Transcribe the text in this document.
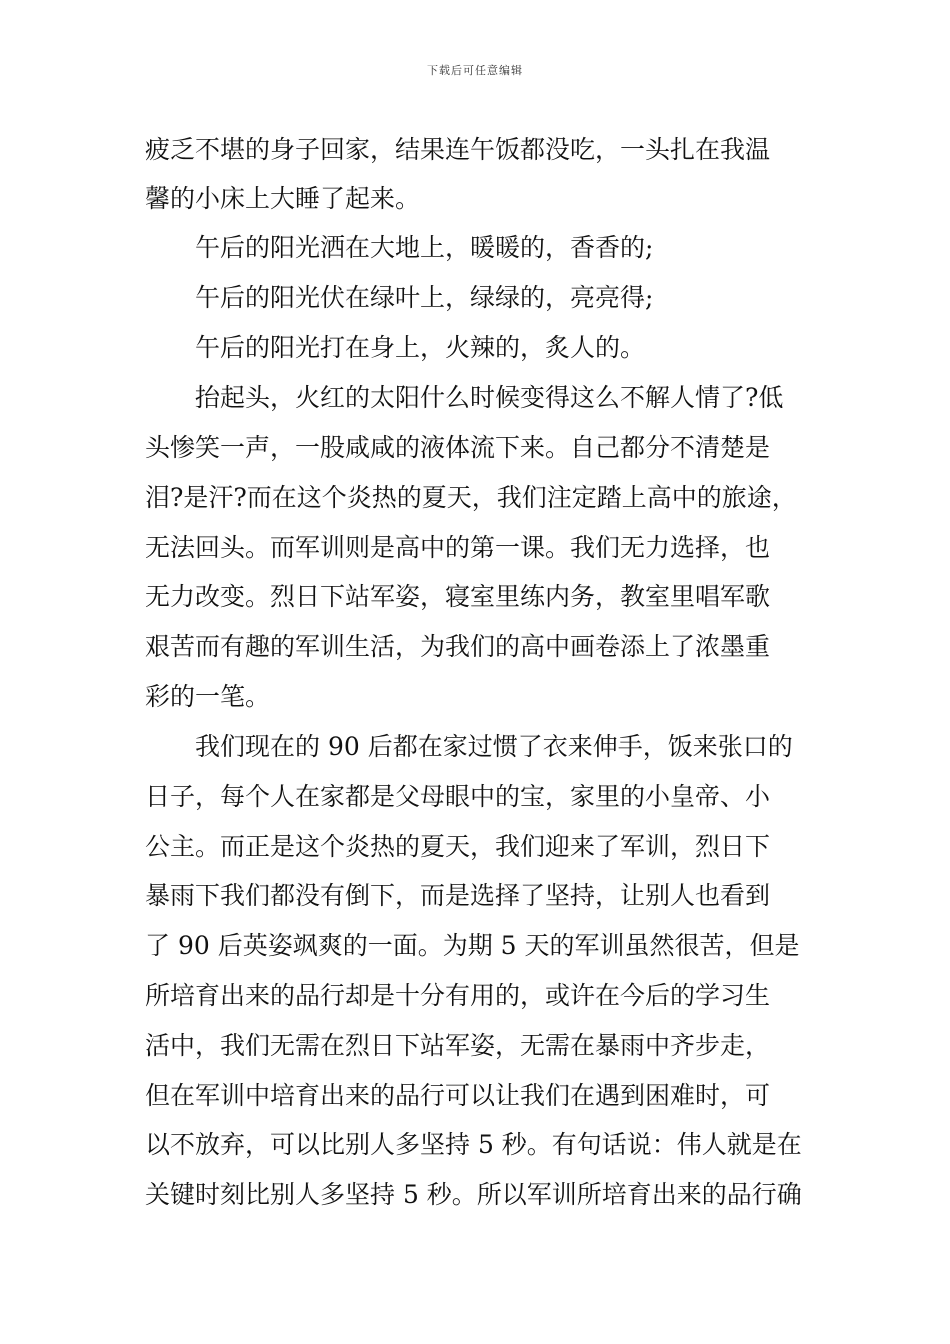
下载后可任意编辑
疲乏不堪的身子回家，结果连午饭都没吃，一头扎在我温
馨的小床上大睡了起来。
午后的阳光洒在大地上，暖暖的，香香的;
午后的阳光伏在绿叶上，绿绿的，亮亮得;
午后的阳光打在身上，火辣的，炙人的。
抬起头，火红的太阳什么时候变得这么不解人情了?低
头惨笑一声，一股咸咸的液体流下来。自己都分不清楚是
泪?是汗?而在这个炎热的夏天，我们注定踏上高中的旅途，
无法回头。而军训则是高中的第一课。我们无力选择，也
无力改变。烈日下站军姿，寝室里练内务，教室里唱军歌
艰苦而有趣的军训生活，为我们的高中画卷添上了浓墨重
彩的一笔。
我们现在的 90 后都在家过惯了衣来伸手，饭来张口的
日子，每个人在家都是父母眼中的宝，家里的小皇帝、小
公主。而正是这个炎热的夏天，我们迎来了军训，烈日下
暴雨下我们都没有倒下，而是选择了坚持，让别人也看到
了 90 后英姿飒爽的一面。为期 5 天的军训虽然很苦，但是
所培育出来的品行却是十分有用的，或许在今后的学习生
活中，我们无需在烈日下站军姿，无需在暴雨中齐步走，
但在军训中培育出来的品行可以让我们在遇到困难时，可
以不放弃，可以比别人多坚持 5 秒。有句话说：伟人就是在
关键时刻比别人多坚持 5 秒。所以军训所培育出来的品行确
